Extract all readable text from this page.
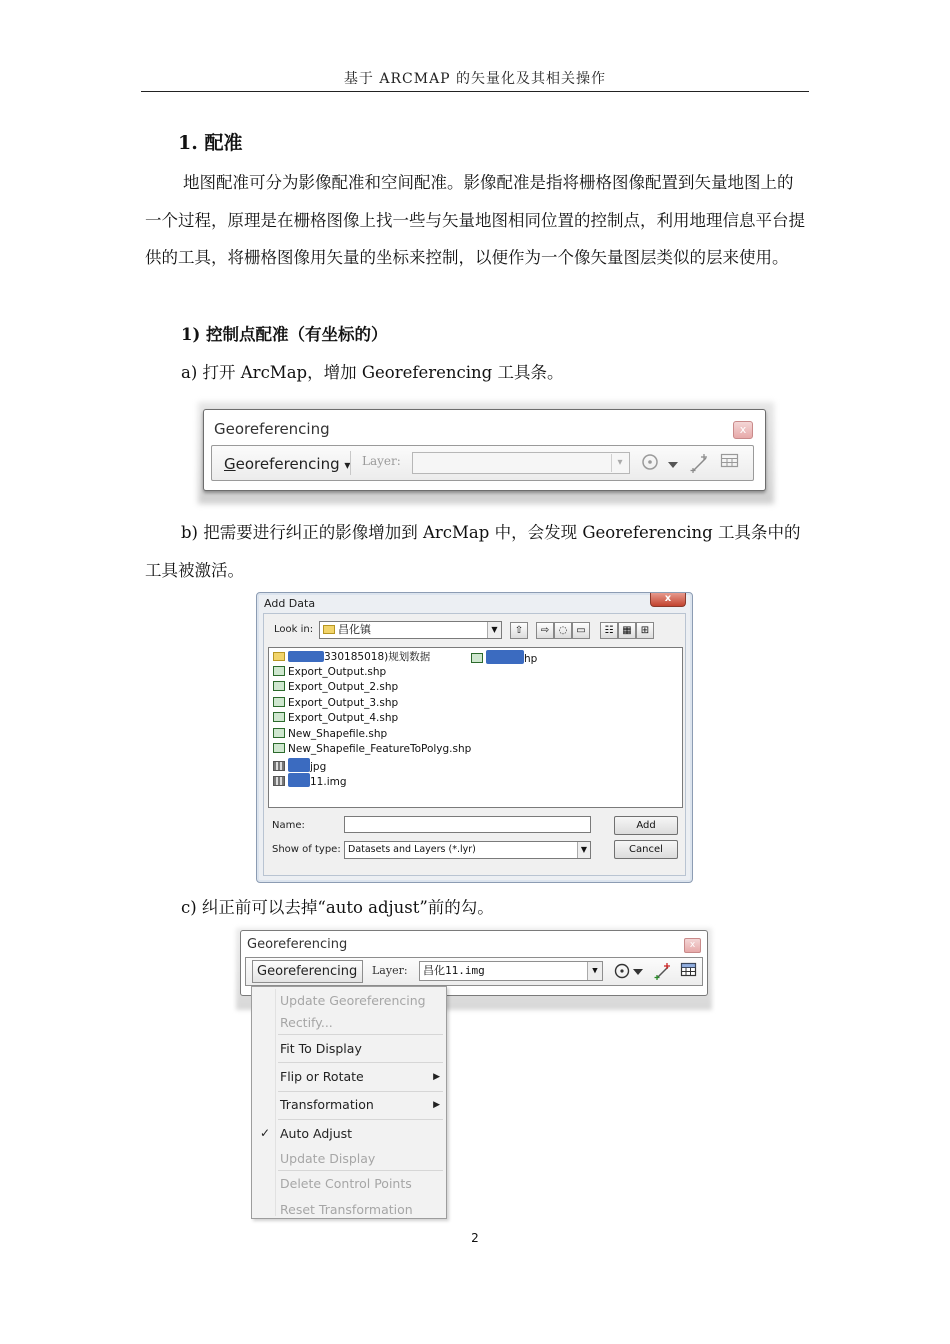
基于 ARCMAP 的矢量化及其相关操作
1. 配准
地图配准可分为影像配准和空间配准。影像配准是指将栅格图像配置到矢量地图上的一个过程，原理是在栅格图像上找一些与矢量地图相同位置的控制点，利用地理信息平台提供的工具，将栅格图像用矢量的坐标来控制，以便作为一个像矢量图层类似的层来使用。
1) 控制点配准（有坐标的）
a) 打开 ArcMap，增加 Georeferencing 工具条。
Georeferencing	x
Georeferencing ▾ Layer:	▾
b) 把需要进行纠正的影像增加到 ArcMap 中，会发现 Georeferencing 工具条中的工具被激活。
Add Data	x
Look in:	昌化镇	▼	⇧	⇨ ◌ ▭	☷ ▦ ⊞
330185018)规划数据	hp
Export_Output.shp
Export_Output_2.shp
Export_Output_3.shp
Export_Output_4.shp
New_Shapefile.shp
New_Shapefile_FeatureToPolyg.shp
jpg
11.img
Name:
Show of type: Datasets and Layers (*.lyr)	▼
Add
Cancel
c) 纠正前可以去掉“auto adjust”前的勾。
Georeferencing	x
Georeferencing	Layer:	昌化11.img	▼
Update Georeferencing
Rectify...
Fit To Display
Flip or Rotate	▶
Transformation	▶
✓ Auto Adjust
Update Display
Delete Control Points
Reset Transformation
2
